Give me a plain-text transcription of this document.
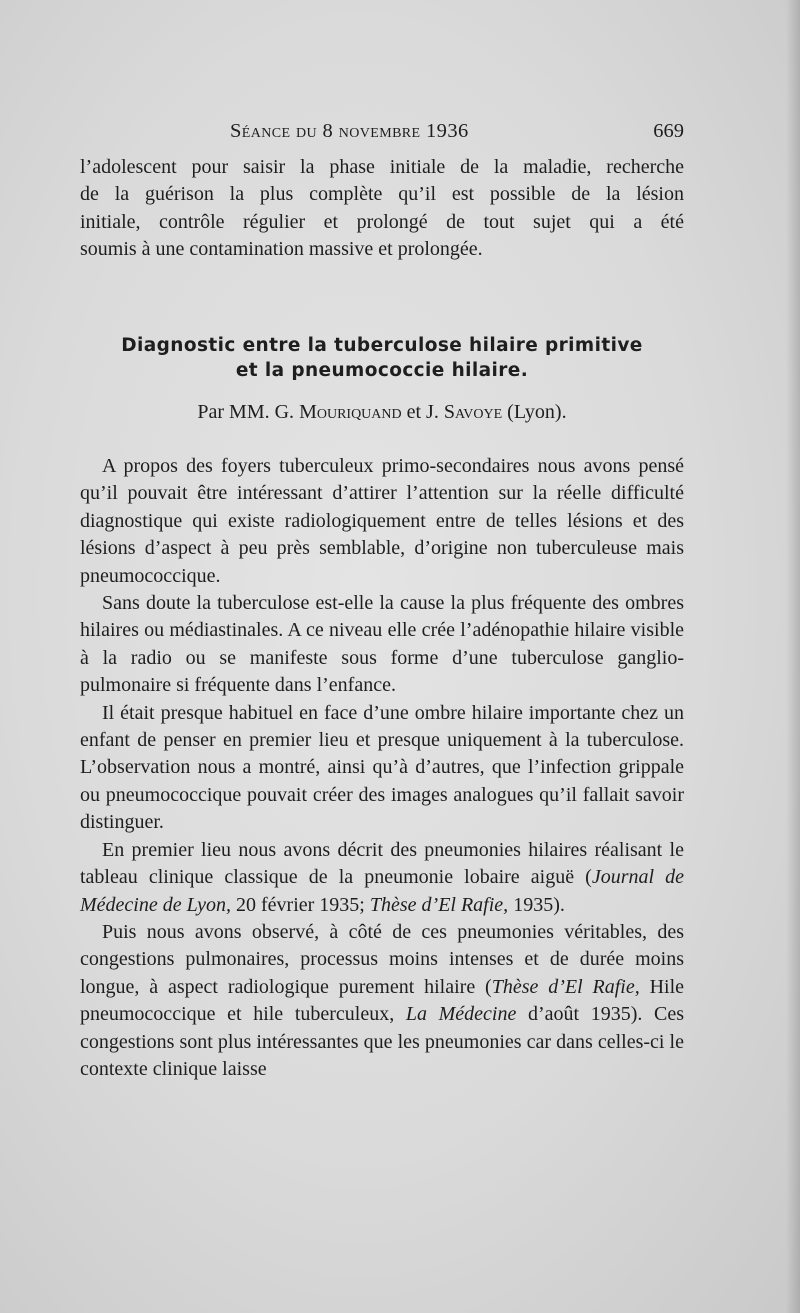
Séance du 8 novembre 1936	669

l’adolescent pour saisir la phase initiale de la maladie, recherche

de la guérison la plus complète qu’il est possible de la lésion

initiale, contrôle régulier et prolongé de tout sujet qui a été

soumis à une contamination massive et prolongée.

Diagnostic entre la tuberculose hilaire primitive
et la pneumococcie hilaire.
Par MM. G. Mouriquand et J. Savoye (Lyon).

A propos des foyers tuberculeux primo-secondaires nous avons pensé qu’il pouvait être intéressant d’attirer l’attention sur la réelle difficulté diagnostique qui existe radiologiquement entre de telles lésions et des lésions d’aspect à peu près semblable, d’origine non tuberculeuse mais pneumococcique.

Sans doute la tuberculose est-elle la cause la plus fréquente des ombres hilaires ou médiastinales. A ce niveau elle crée l’adénopathie hilaire visible à la radio ou se manifeste sous forme d’une tuberculose ganglio-pulmonaire si fréquente dans l’enfance.

Il était presque habituel en face d’une ombre hilaire importante chez un enfant de penser en premier lieu et presque uniquement à la tuberculose. L’observation nous a montré, ainsi qu’à d’autres, que l’infection grippale ou pneumococcique pouvait créer des images analogues qu’il fallait savoir distinguer.

En premier lieu nous avons décrit des pneumonies hilaires réalisant le tableau clinique classique de la pneumonie lobaire aiguë (Journal de Médecine de Lyon, 20 février 1935; Thèse d’El Rafie, 1935).

Puis nous avons observé, à côté de ces pneumonies véritables, des congestions pulmonaires, processus moins intenses et de durée moins longue, à aspect radiologique purement hilaire (Thèse d’El Rafie, Hile pneumococcique et hile tuberculeux, La Médecine d’août 1935). Ces congestions sont plus intéressantes que les pneumonies car dans celles-ci le contexte clinique laisse
